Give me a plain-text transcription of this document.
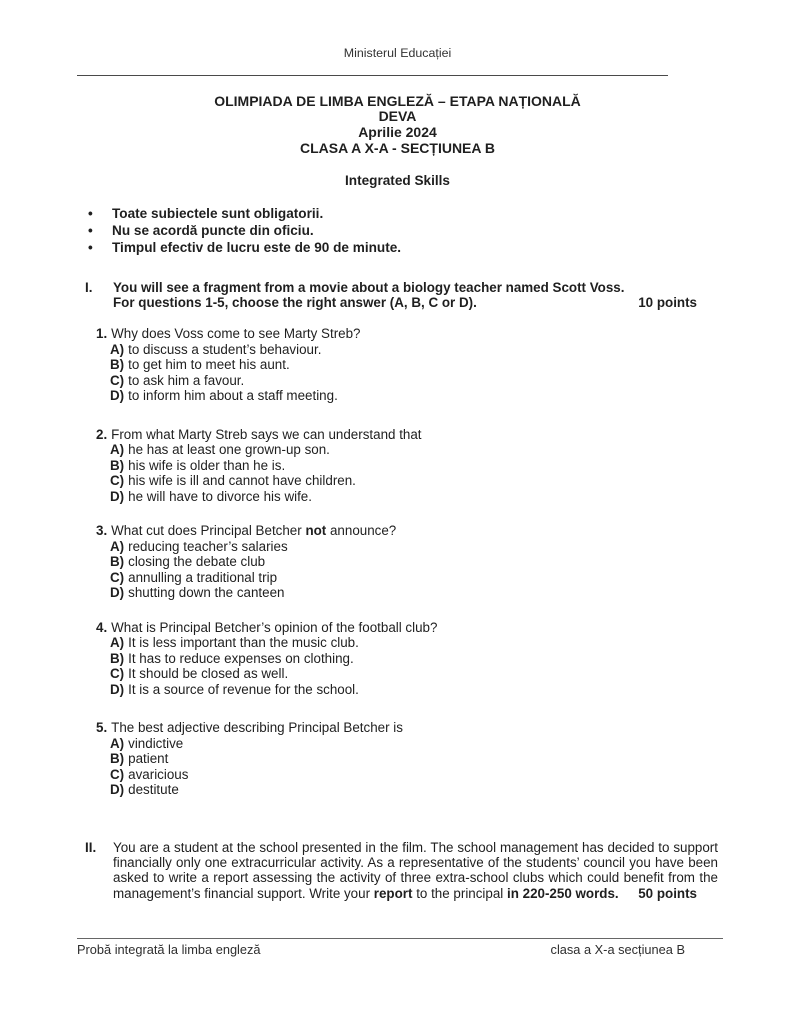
Ministerul Educației
OLIMPIADA DE LIMBA ENGLEZĂ – ETAPA NAȚIONALĂ
DEVA
Aprilie 2024
CLASA A X-A - SECȚIUNEA B
Integrated Skills
•	Toate subiectele sunt obligatorii.
•	Nu se acordă puncte din oficiu.
•	Timpul efectiv de lucru este de 90 de minute.
I.	You will see a fragment from a movie about a biology teacher named Scott Voss.
For questions 1-5, choose the right answer (A, B, C or D).	10 points
1. Why does Voss come to see Marty Streb?
A) to discuss a student’s behaviour.
B) to get him to meet his aunt.
C) to ask him a favour.
D) to inform him about a staff meeting.
2. From what Marty Streb says we can understand that
A) he has at least one grown-up son.
B) his wife is older than he is.
C) his wife is ill and cannot have children.
D) he will have to divorce his wife.
3. What cut does Principal Betcher not announce?
A) reducing teacher’s salaries
B) closing the debate club
C) annulling a traditional trip
D) shutting down the canteen
4. What is Principal Betcher’s opinion of the football club?
A) It is less important than the music club.
B) It has to reduce expenses on clothing.
C) It should be closed as well.
D) It is a source of revenue for the school.
5. The best adjective describing Principal Betcher is
A) vindictive
B) patient
C) avaricious
D) destitute
II.	You are a student at the school presented in the film. The school management has decided to support financially only one extracurricular activity. As a representative of the students’ council you have been asked to write a report assessing the activity of three extra-school clubs which could benefit from the management’s financial support. Write your report to the principal in 220-250 words. 50 points
Probă integrată la limba engleză	clasa a X-a secțiunea B
